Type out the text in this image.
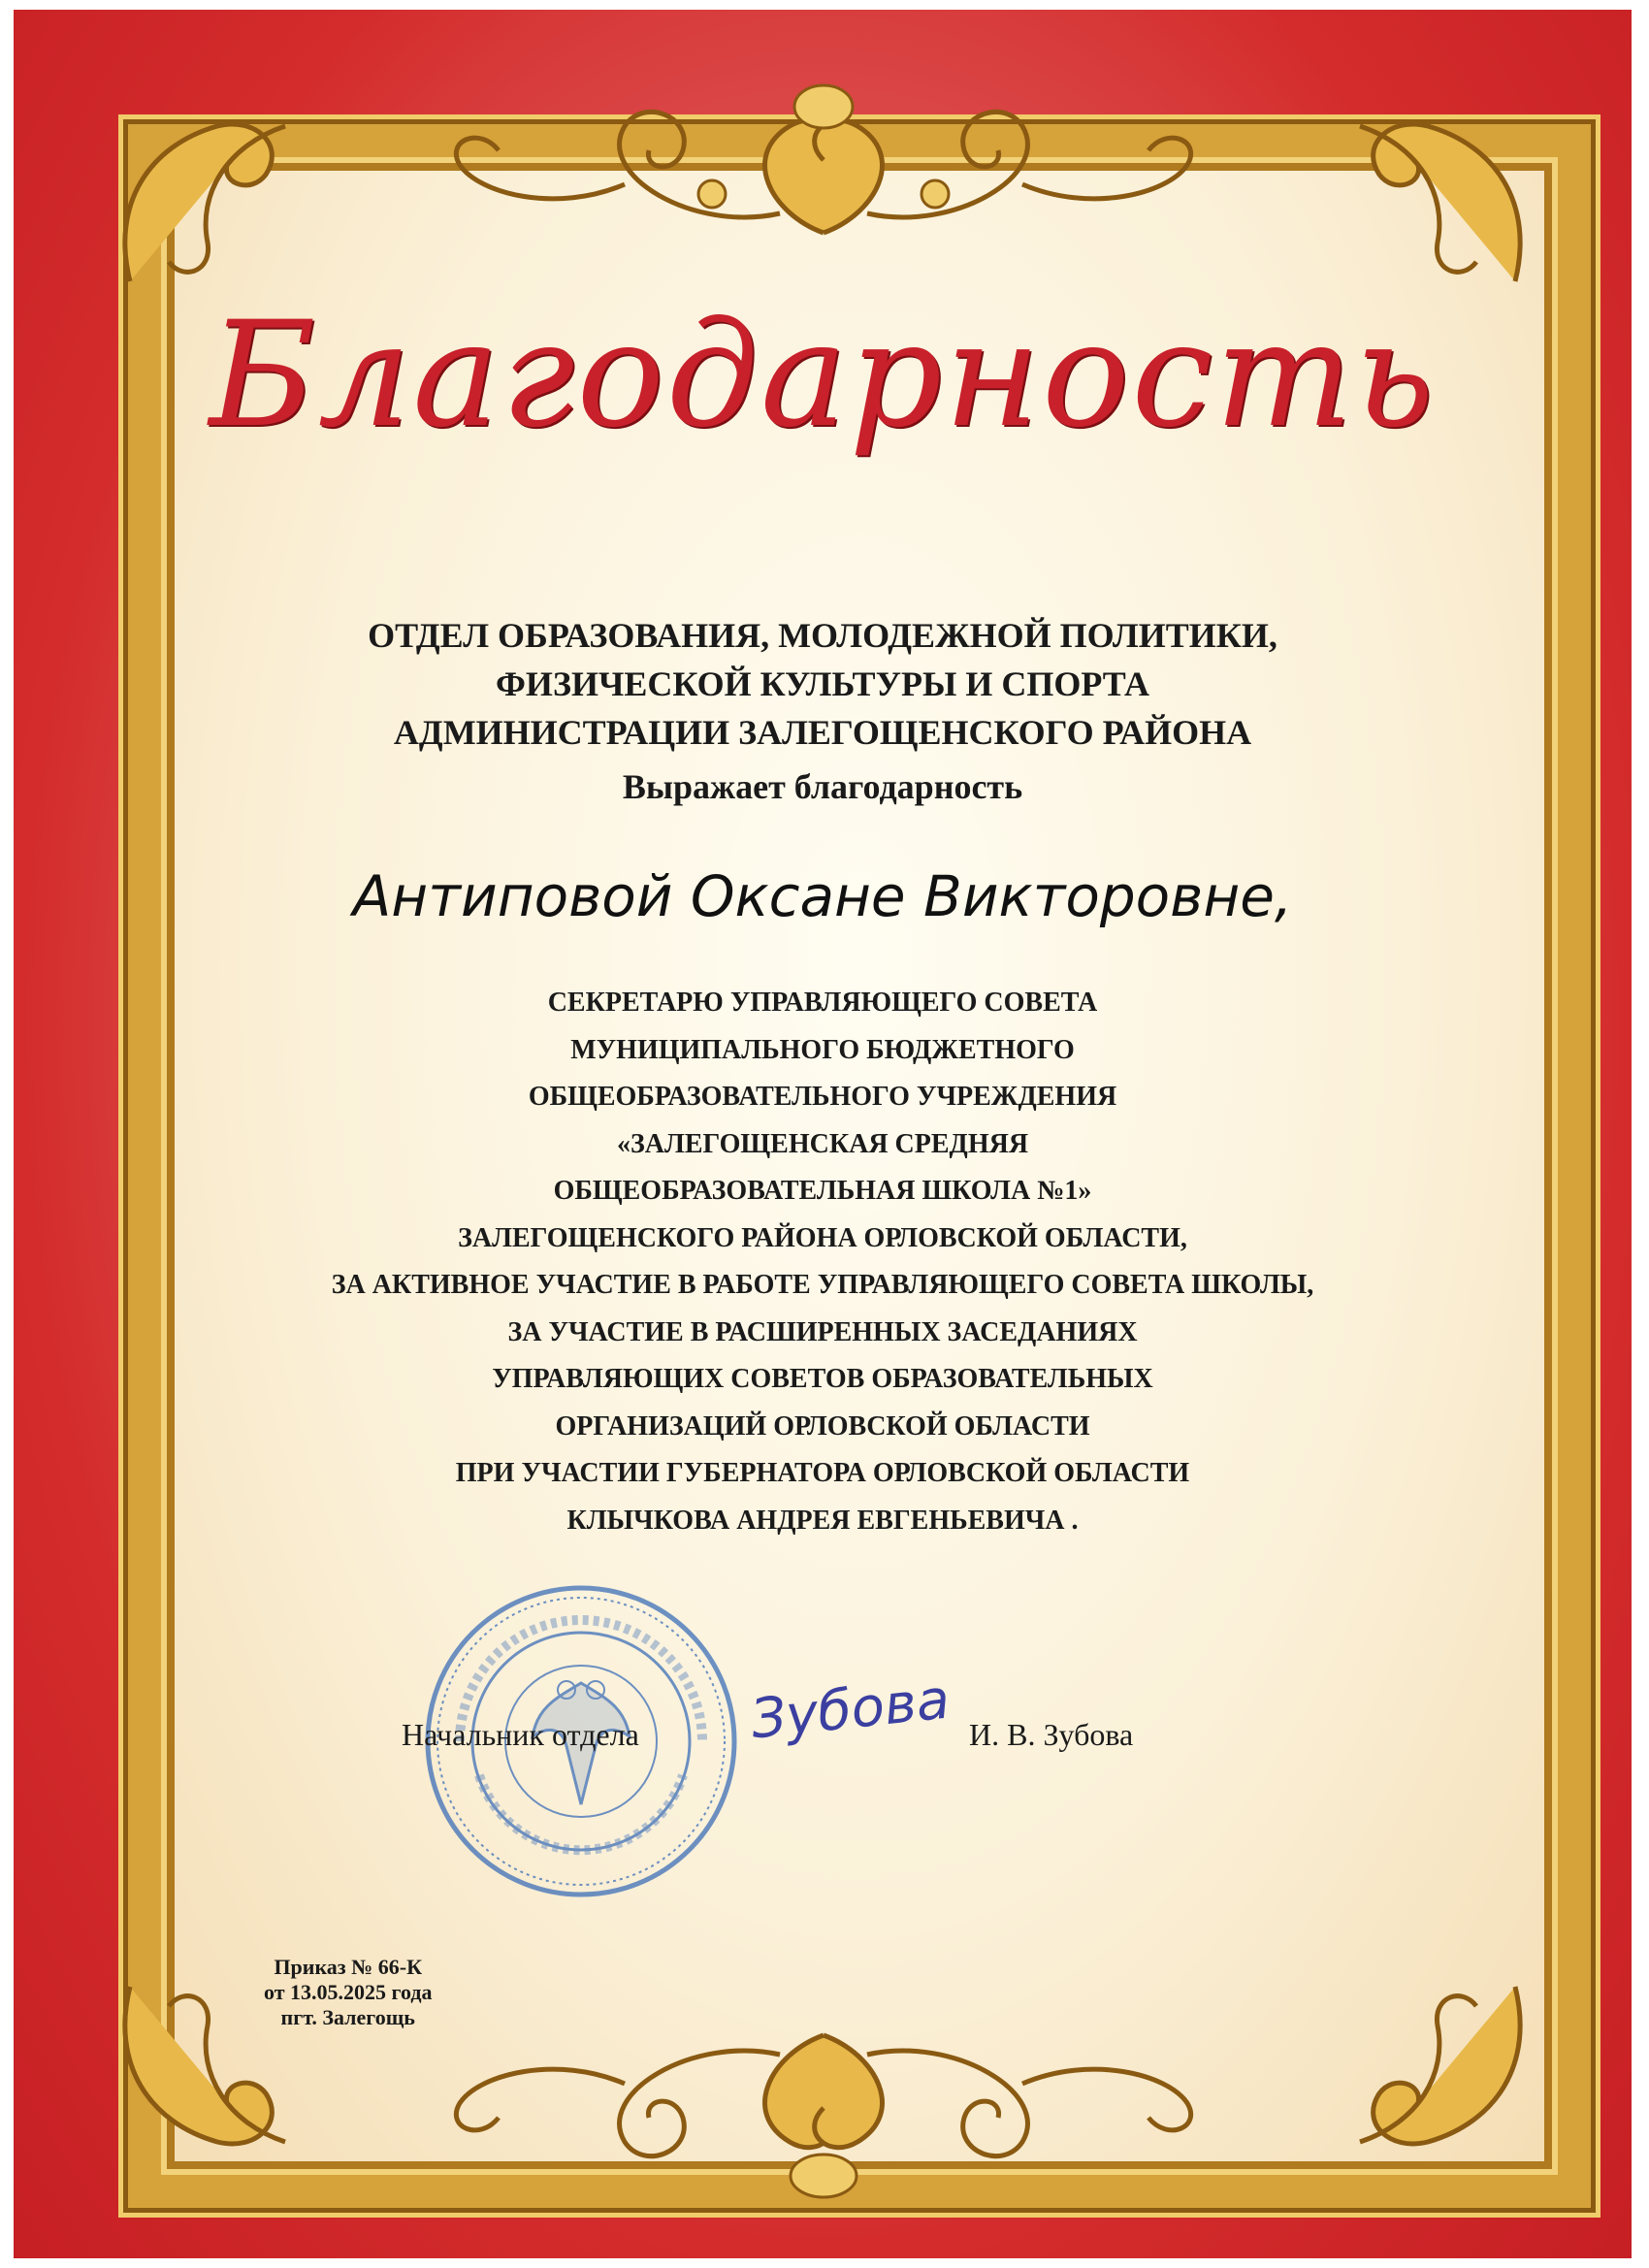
Благодарность
ОТДЕЛ ОБРАЗОВАНИЯ, МОЛОДЕЖНОЙ ПОЛИТИКИ,
ФИЗИЧЕСКОЙ КУЛЬТУРЫ И СПОРТА
АДМИНИСТРАЦИИ ЗАЛЕГОЩЕНСКОГО РАЙОНА
Выражает благодарность
Антиповой Оксане Викторовне,
СЕКРЕТАРЮ УПРАВЛЯЮЩЕГО СОВЕТА
МУНИЦИПАЛЬНОГО БЮДЖЕТНОГО
ОБЩЕОБРАЗОВАТЕЛЬНОГО УЧРЕЖДЕНИЯ
«ЗАЛЕГОЩЕНСКАЯ СРЕДНЯЯ
ОБЩЕОБРАЗОВАТЕЛЬНАЯ ШКОЛА №1»
ЗАЛЕГОЩЕНСКОГО РАЙОНА ОРЛОВСКОЙ ОБЛАСТИ,
ЗА АКТИВНОЕ УЧАСТИЕ В РАБОТЕ УПРАВЛЯЮЩЕГО СОВЕТА ШКОЛЫ,
ЗА УЧАСТИЕ В РАСШИРЕННЫХ ЗАСЕДАНИЯХ
УПРАВЛЯЮЩИХ СОВЕТОВ ОБРАЗОВАТЕЛЬНЫХ
ОРГАНИЗАЦИЙ ОРЛОВСКОЙ ОБЛАСТИ
ПРИ УЧАСТИИ ГУБЕРНАТОРА ОРЛОВСКОЙ ОБЛАСТИ
КЛЫЧКОВА АНДРЕЯ ЕВГЕНЬЕВИЧА .
Зубова
Начальник отдела	И. В. Зубова
Приказ № 66-К
от 13.05.2025 года
пгт. Залегощь
